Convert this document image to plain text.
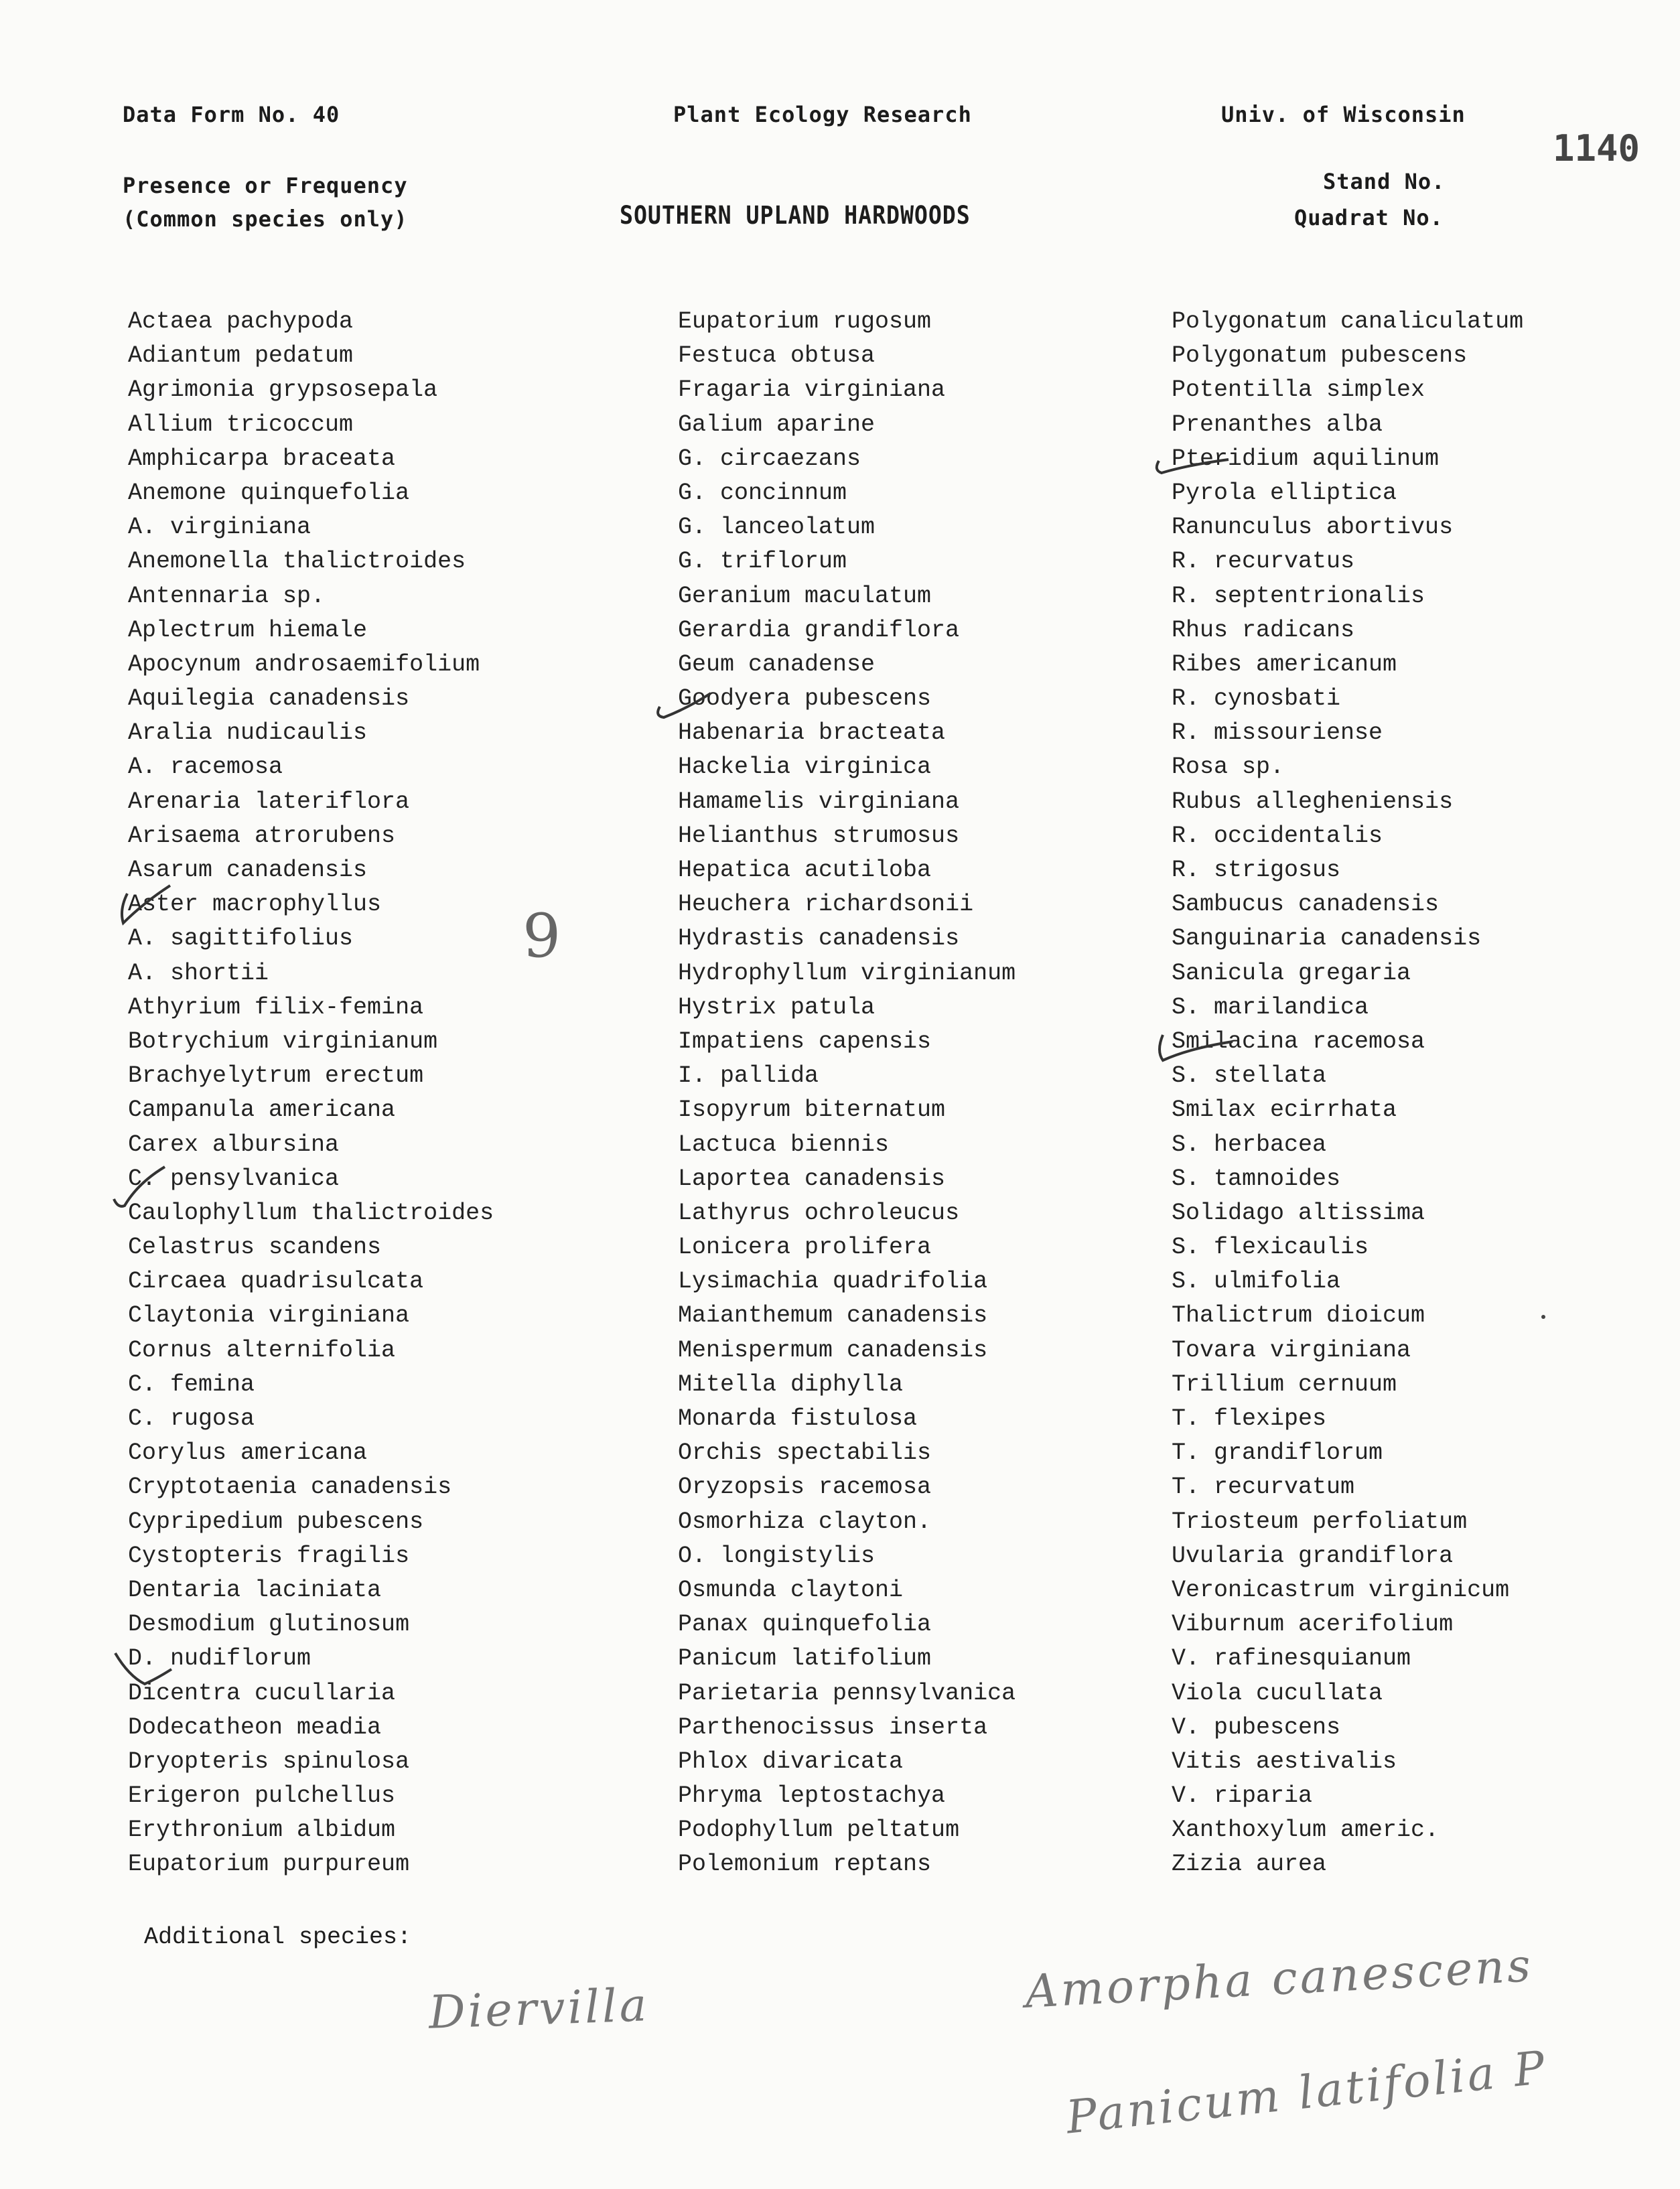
Data Form No. 40	Plant Ecology Research	Univ. of Wisconsin
1140
Presence or Frequency
(Common species only)	SOUTHERN UPLAND HARDWOODS
Stand No.
Quadrat No.
Actaea pachypoda
Adiantum pedatum
Agrimonia grypsosepala
Allium tricoccum
Amphicarpa braceata
Anemone quinquefolia
A. virginiana
Anemonella thalictroides
Antennaria sp.
Aplectrum hiemale
Apocynum androsaemifolium
Aquilegia canadensis
Aralia nudicaulis
A. racemosa
Arenaria lateriflora
Arisaema atrorubens
Asarum canadensis
Aster macrophyllus
A. sagittifolius
A. shortii
Athyrium filix-femina
Botrychium virginianum
Brachyelytrum erectum
Campanula americana
Carex albursina
C. pensylvanica
Caulophyllum thalictroides
Celastrus scandens
Circaea quadrisulcata
Claytonia virginiana
Cornus alternifolia
C. femina
C. rugosa
Corylus americana
Cryptotaenia canadensis
Cypripedium pubescens
Cystopteris fragilis
Dentaria laciniata
Desmodium glutinosum
D. nudiflorum
Dicentra cucullaria
Dodecatheon meadia
Dryopteris spinulosa
Erigeron pulchellus
Erythronium albidum
Eupatorium purpureum
Eupatorium rugosum
Festuca obtusa
Fragaria virginiana
Galium aparine
G. circaezans
G. concinnum
G. lanceolatum
G. triflorum
Geranium maculatum
Gerardia grandiflora
Geum canadense
Goodyera pubescens
Habenaria bracteata
Hackelia virginica
Hamamelis virginiana
Helianthus strumosus
Hepatica acutiloba
Heuchera richardsonii
Hydrastis canadensis
Hydrophyllum virginianum
Hystrix patula
Impatiens capensis
I. pallida
Isopyrum biternatum
Lactuca biennis
Laportea canadensis
Lathyrus ochroleucus
Lonicera prolifera
Lysimachia quadrifolia
Maianthemum canadensis
Menispermum canadensis
Mitella diphylla
Monarda fistulosa
Orchis spectabilis
Oryzopsis racemosa
Osmorhiza clayton.
O. longistylis
Osmunda claytoni
Panax quinquefolia
Panicum latifolium
Parietaria pennsylvanica
Parthenocissus inserta
Phlox divaricata
Phryma leptostachya
Podophyllum peltatum
Polemonium reptans
Polygonatum canaliculatum
Polygonatum pubescens
Potentilla simplex
Prenanthes alba
Pteridium aquilinum
Pyrola elliptica
Ranunculus abortivus
R. recurvatus
R. septentrionalis
Rhus radicans
Ribes americanum
R. cynosbati
R. missouriense
Rosa sp.
Rubus allegheniensis
R. occidentalis
R. strigosus
Sambucus canadensis
Sanguinaria canadensis
Sanicula gregaria
S. marilandica
Smilacina racemosa
S. stellata
Smilax ecirrhata
S. herbacea
S. tamnoides
Solidago altissima
S. flexicaulis
S. ulmifolia
Thalictrum dioicum
Tovara virginiana
Trillium cernuum
T. flexipes
T. grandiflorum
T. recurvatum
Triosteum perfoliatum
Uvularia grandiflora
Veronicastrum virginicum
Viburnum acerifolium
V. rafinesquianum
Viola cucullata
V. pubescens
Vitis aestivalis
V. riparia
Xanthoxylum americ.
Zizia aurea
Additional species:
9
Diervilla	Amorpha canescens
Panicum latifolia P
